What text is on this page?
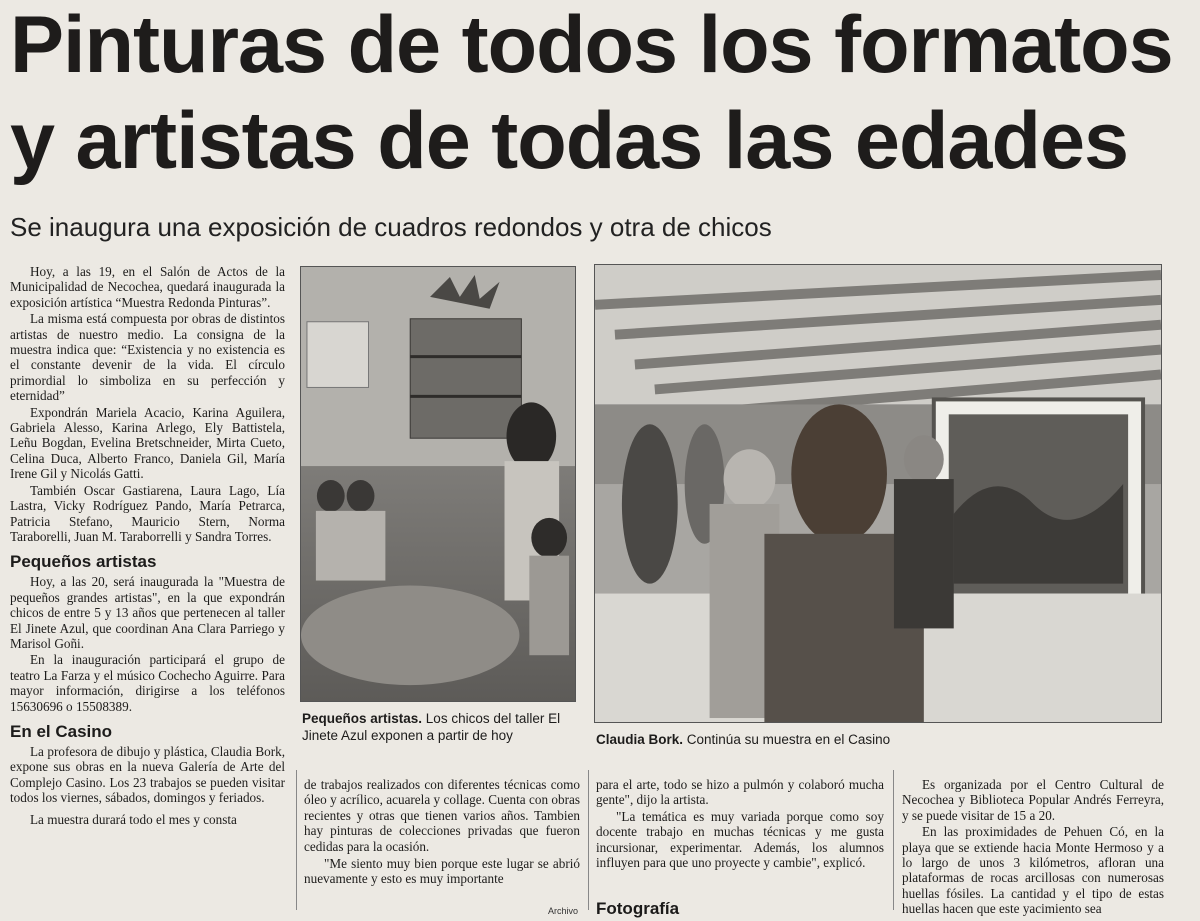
Pinturas de todos los formatos
y artistas de todas las edades
Se inaugura una exposición de cuadros redondos y otra de chicos

Hoy, a las 19, en el Salón de Actos de la Municipalidad de Necochea, quedará inaugurada la exposición artística “Muestra Redonda Pinturas”.

La misma está compuesta por obras de distintos artistas de nuestro medio. La consigna de la muestra indica que: “Existencia y no existencia es el constante devenir de la vida. El círculo primordial lo simboliza en su perfección y eternidad”

Expondrán Mariela Acacio, Karina Aguilera, Gabriela Alesso, Karina Arlego, Ely Battistela, Leñu Bogdan, Evelina Bretschneider, Mirta Cueto, Celina Duca, Alberto Franco, Daniela Gil, María Irene Gil y Nicolás Gatti.

También Oscar Gastiarena, Laura Lago, Lía Lastra, Vicky Rodríguez Pando, María Petrarca, Patricia Stefano, Mauricio Stern, Norma Taraborelli, Juan M. Taraborrelli y Sandra Torres.

Pequeños artistas

Hoy, a las 20, será inaugurada la "Muestra de pequeños grandes artistas", en la que expondrán chicos de entre 5 y 13 años que pertenecen al taller El Jinete Azul, que coordinan Ana Clara Parriego y Marisol Goñi.

En la inauguración participará el grupo de teatro La Farza y el músico Cochecho Aguirre. Para mayor información, dirigirse a los teléfonos 15630696 o 15508389.

En el Casino

La profesora de dibujo y plástica, Claudia Bork, expone sus obras en la nueva Galería de Arte del Complejo Casino. Los 23 trabajos se pueden visitar todos los viernes, sábados, domingos y feriados.

La muestra durará todo el mes y consta

Pequeños artistas. Los chicos del taller El Jinete Azul exponen a partir de hoy	Claudia Bork. Continúa su muestra en el Casino

de trabajos realizados con diferentes técnicas como óleo y acrílico, acuarela y collage. Cuenta con obras recientes y otras que tienen varios años. Tambien hay pinturas de colecciones privadas que fueron cedidas para la ocasión.

"Me siento muy bien porque este lugar se abrió nuevamente y esto es muy importante

Archivo

para el arte, todo se hizo a pulmón y colaboró mucha gente", dijo la artista.

"La temática es muy variada porque como soy docente trabajo en muchas técnicas y me gusta incursionar, experimentar. Además, los alumnos influyen para que uno proyecte y cambie", explicó.

Fotografía

Es organizada por el Centro Cultural de Necochea y Biblioteca Popular Andrés Ferreyra, y se puede visitar de 15 a 20.

En las proximidades de Pehuen Có, en la playa que se extiende hacia Monte Hermoso y a lo largo de unos 3 kilómetros, afloran una plataformas de rocas arcillosas con numerosas huellas fósiles. La cantidad y el tipo de estas huellas hacen que este yacimiento sea
